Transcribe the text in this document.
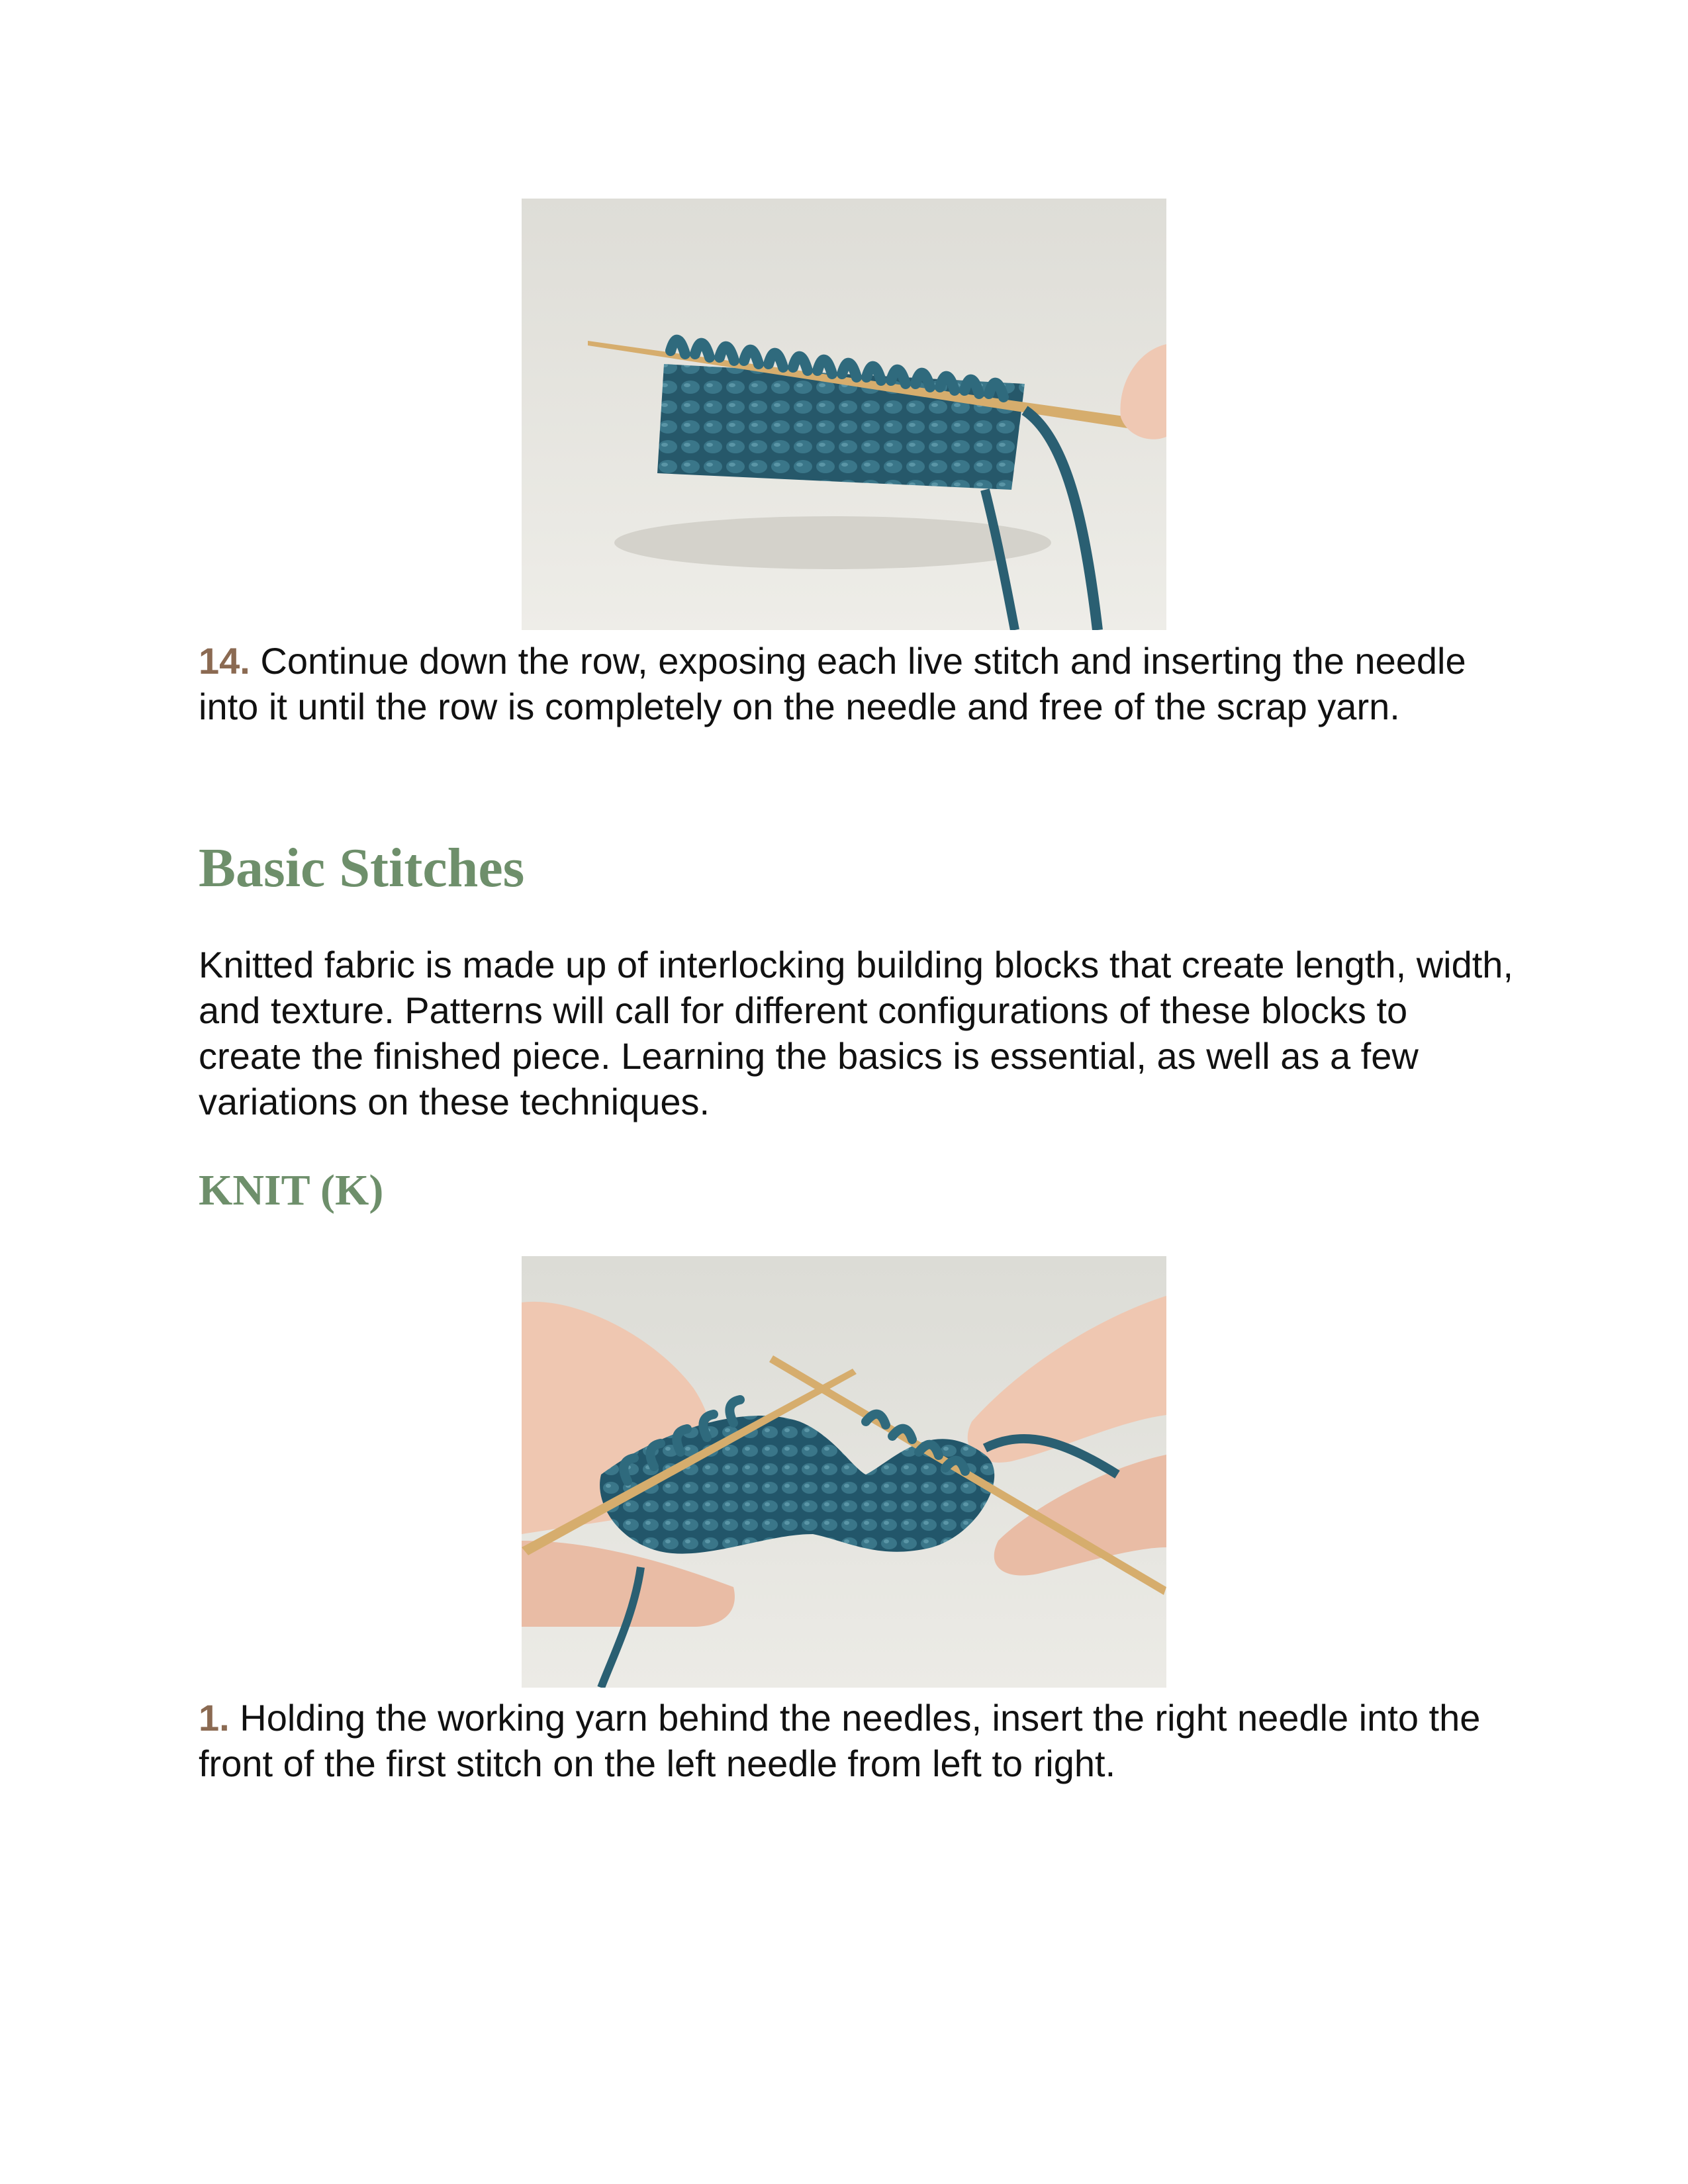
14. Continue down the row, exposing each live stitch and inserting the needle into it until the row is completely on the needle and free of the scrap yarn.

Basic Stitches

Knitted fabric is made up of interlocking building blocks that create length, width, and texture. Patterns will call for different configurations of these blocks to create the finished piece. Learning the basics is essential, as well as a few variations on these techniques.

KNIT (K)

1. Holding the working yarn behind the needles, insert the right needle into the front of the first stitch on the left needle from left to right.
